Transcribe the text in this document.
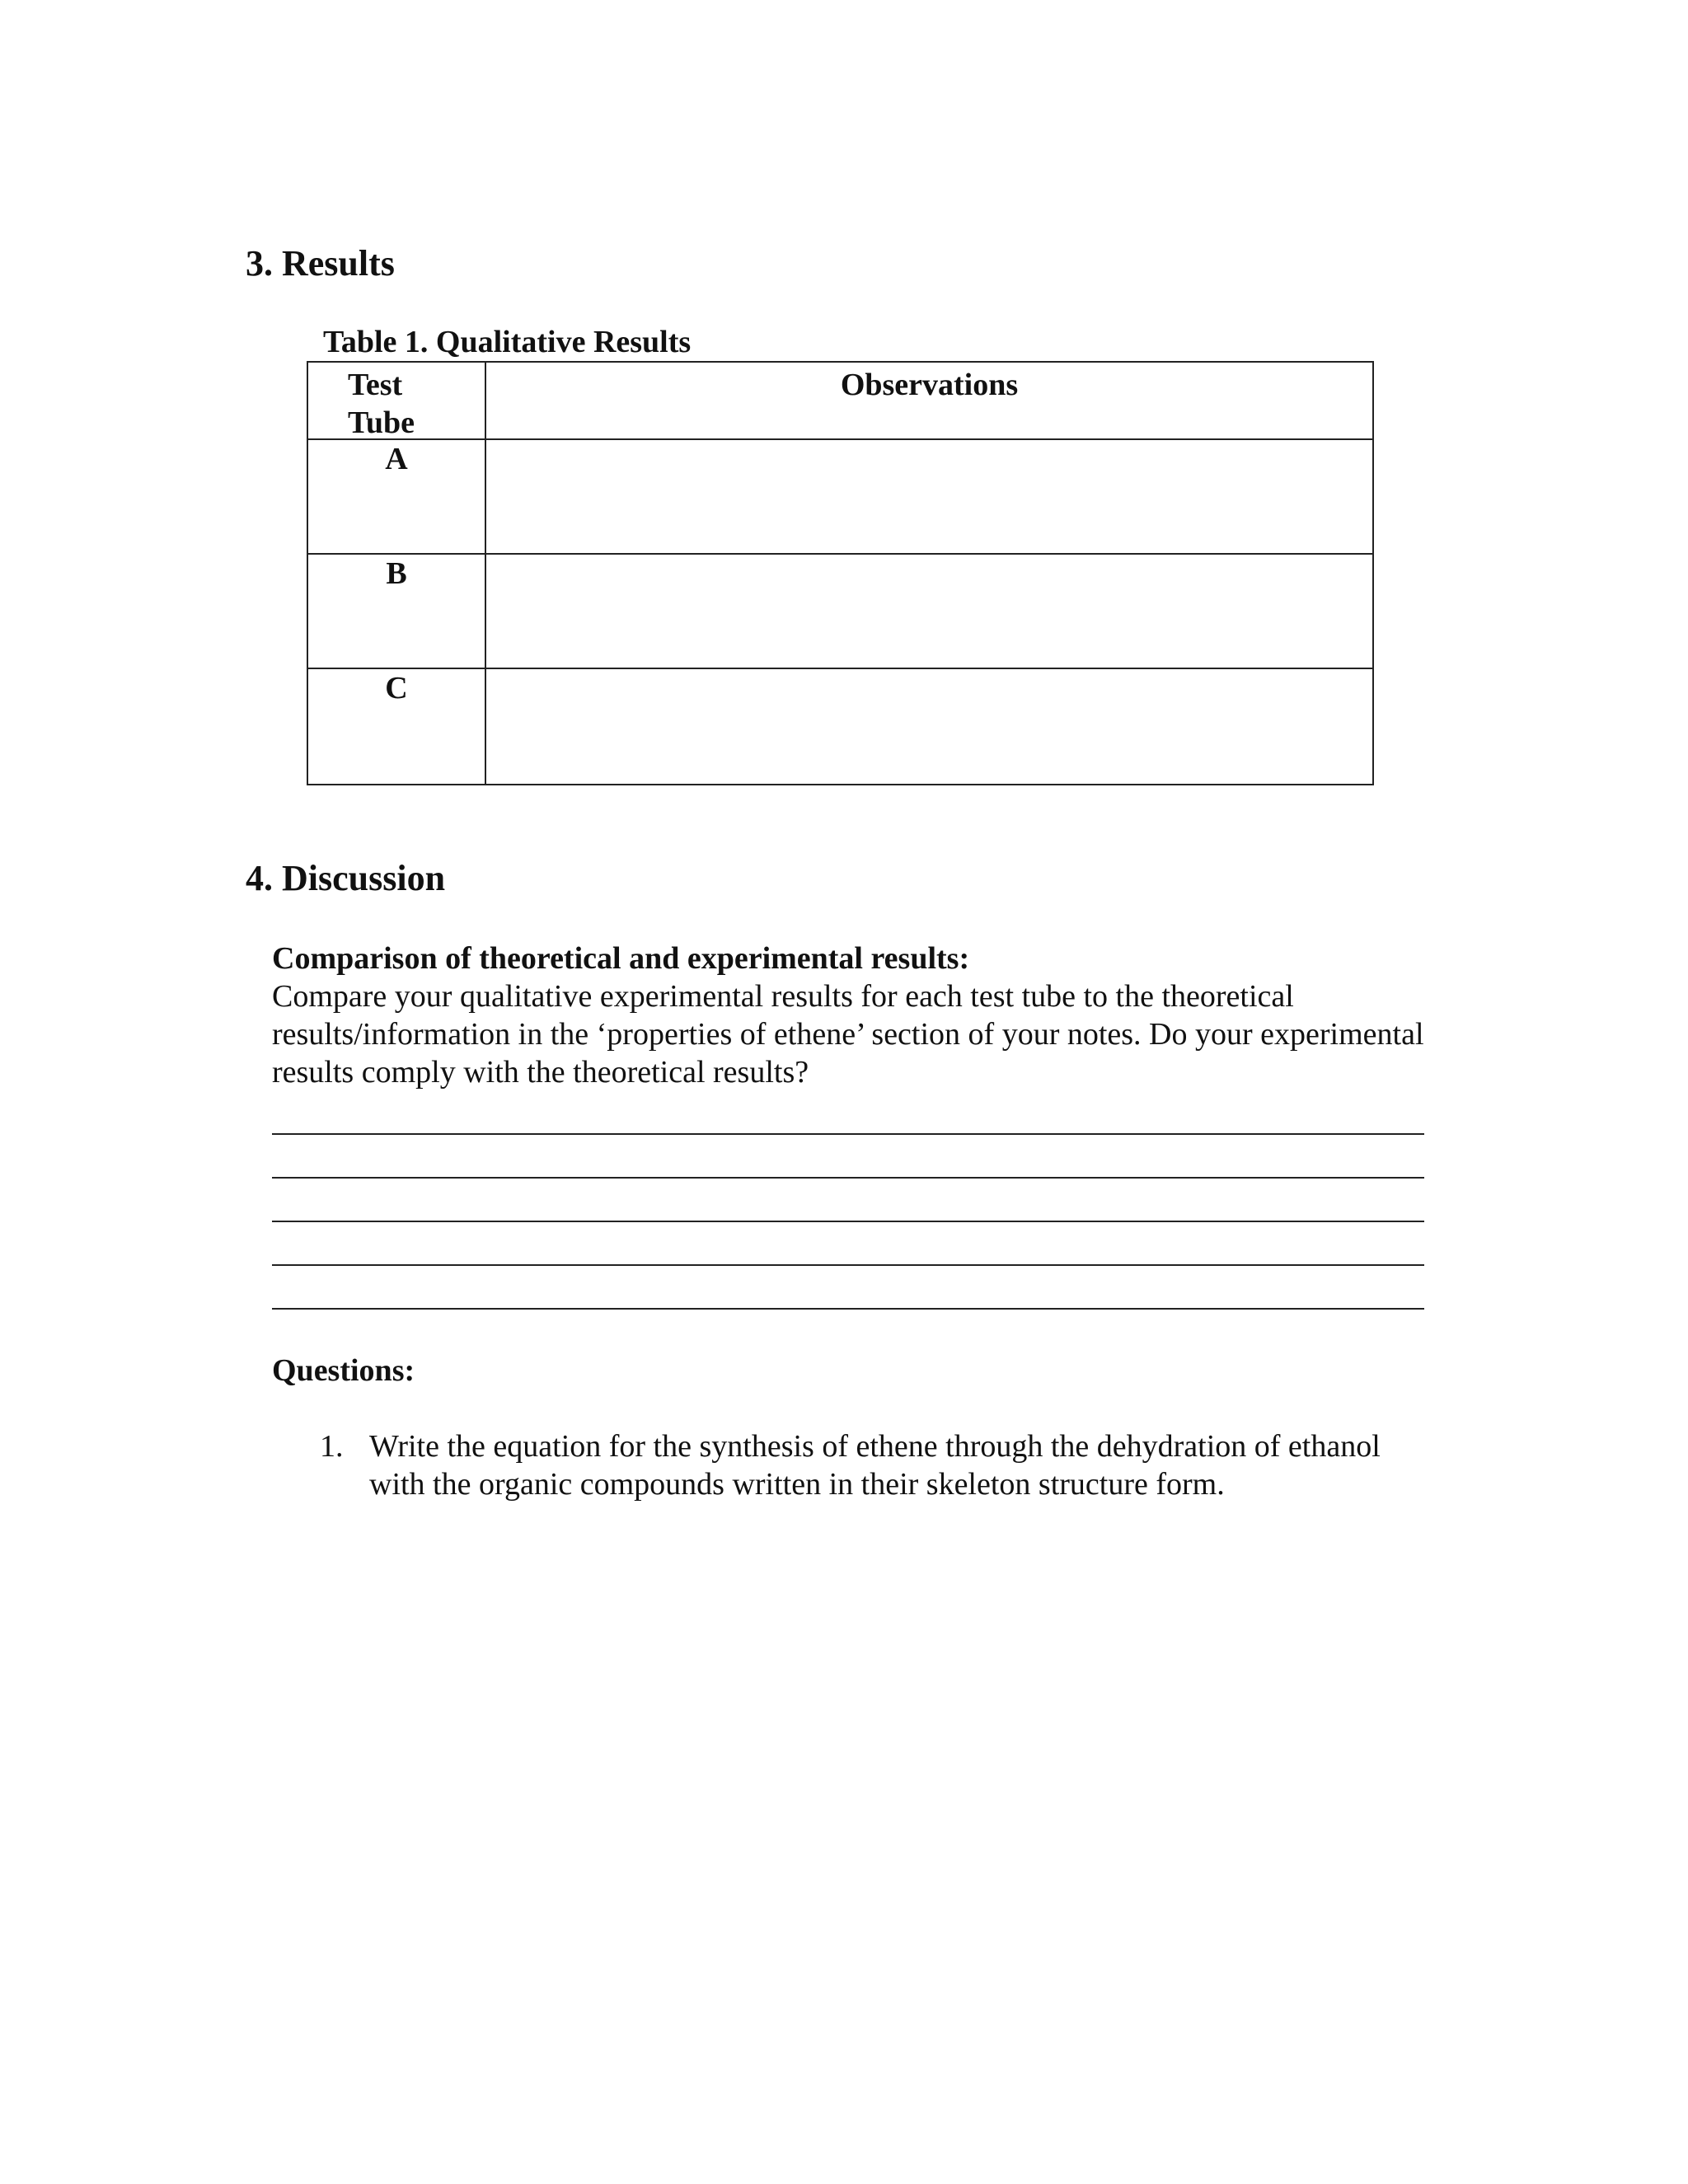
3. Results
Table 1. Qualitative Results
Test Tube
Observations
A
B
C
4. Discussion
Comparison of theoretical and experimental results:
Compare your qualitative experimental results for each test tube to the theoretical results/information in the ‘properties of ethene’ section of your notes. Do your experimental results comply with the theoretical results?
Questions:
1. Write the equation for the synthesis of ethene through the dehydration of ethanol with the organic compounds written in their skeleton structure form.
